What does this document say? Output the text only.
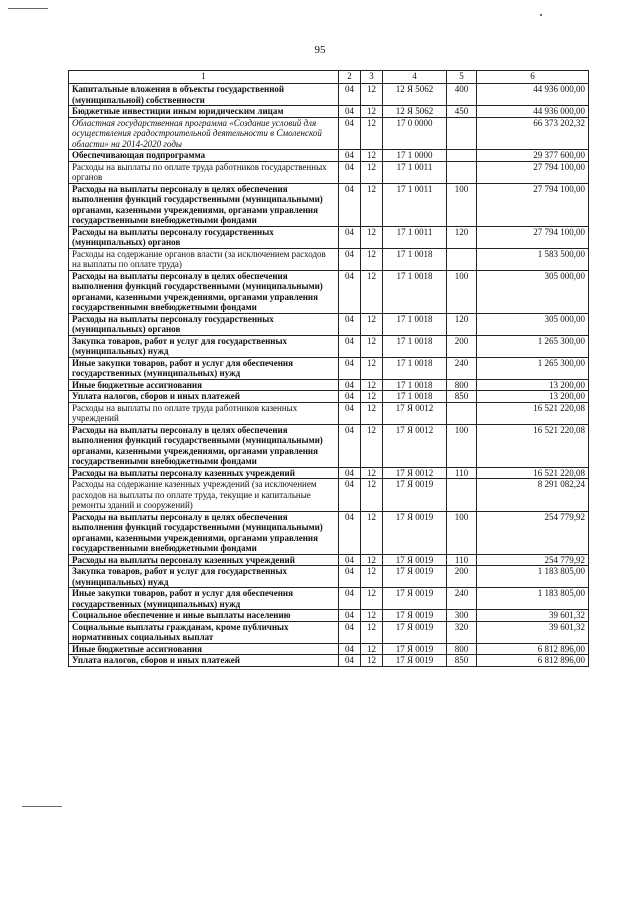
95
1	2	3	4	5	6
Капитальные вложения в объекты государственной (муниципальной) собственности	04	12	12 Я 5062	400	44 936 000,00
Бюджетные инвестиции иным юридическим лицам	04	12	12 Я 5062	450	44 936 000,00
Областная государственная программа «Создание условий для осуществления градостроительной деятельности в Смоленской области» на 2014-2020 годы	04	12	17 0 0000		66 373 202,32
Обеспечивающая подпрограмма	04	12	17 1 0000		29 377 600,00
Расходы на выплаты по оплате труда работников государственных органов	04	12	17 1 0011		27 794 100,00
Расходы на выплаты персоналу в целях обеспечения выполнения функций государственными (муниципальными) органами, казенными учреждениями, органами управления государственными внебюджетными фондами	04	12	17 1 0011	100	27 794 100,00
Расходы на выплаты персоналу государственных (муниципальных) органов	04	12	17 1 0011	120	27 794 100,00
Расходы на содержание органов власти (за исключением расходов на выплаты по оплате труда)	04	12	17 1 0018		1 583 500,00
Расходы на выплаты персоналу в целях обеспечения выполнения функций государственными (муниципальными) органами, казенными учреждениями, органами управления государственными внебюджетными фондами	04	12	17 1 0018	100	305 000,00
Расходы на выплаты персоналу государственных (муниципальных) органов	04	12	17 1 0018	120	305 000,00
Закупка товаров, работ и услуг для государственных (муниципальных) нужд	04	12	17 1 0018	200	1 265 300,00
Иные закупки товаров, работ и услуг для обеспечения государственных (муниципальных) нужд	04	12	17 1 0018	240	1 265 300,00
Иные бюджетные ассигнования	04	12	17 1 0018	800	13 200,00
Уплата налогов, сборов и иных платежей	04	12	17 1 0018	850	13 200,00
Расходы на выплаты по оплате труда работников казенных учреждений	04	12	17 Я 0012		16 521 220,08
Расходы на выплаты персоналу в целях обеспечения выполнения функций государственными (муниципальными) органами, казенными учреждениями, органами управления государственными внебюджетными фондами	04	12	17 Я 0012	100	16 521 220,08
Расходы на выплаты персоналу казенных учреждений	04	12	17 Я 0012	110	16 521 220,08
Расходы на содержание казенных учреждений (за исключением расходов на выплаты по оплате труда, текущие и капитальные ремонты зданий и сооружений)	04	12	17 Я 0019		8 291 082,24
Расходы на выплаты персоналу в целях обеспечения выполнения функций государственными (муниципальными) органами, казенными учреждениями, органами управления государственными внебюджетными фондами	04	12	17 Я 0019	100	254 779,92
Расходы на выплаты персоналу казенных учреждений	04	12	17 Я 0019	110	254 779,92
Закупка товаров, работ и услуг для государственных (муниципальных) нужд	04	12	17 Я 0019	200	1 183 805,00
Иные закупки товаров, работ и услуг для обеспечения государственных (муниципальных) нужд	04	12	17 Я 0019	240	1 183 805,00
Социальное обеспечение и иные выплаты населению	04	12	17 Я 0019	300	39 601,32
Социальные выплаты гражданам, кроме публичных нормативных социальных выплат	04	12	17 Я 0019	320	39 601,32
Иные бюджетные ассигнования	04	12	17 Я 0019	800	6 812 896,00
Уплата налогов, сборов и иных платежей	04	12	17 Я 0019	850	6 812 896,00
